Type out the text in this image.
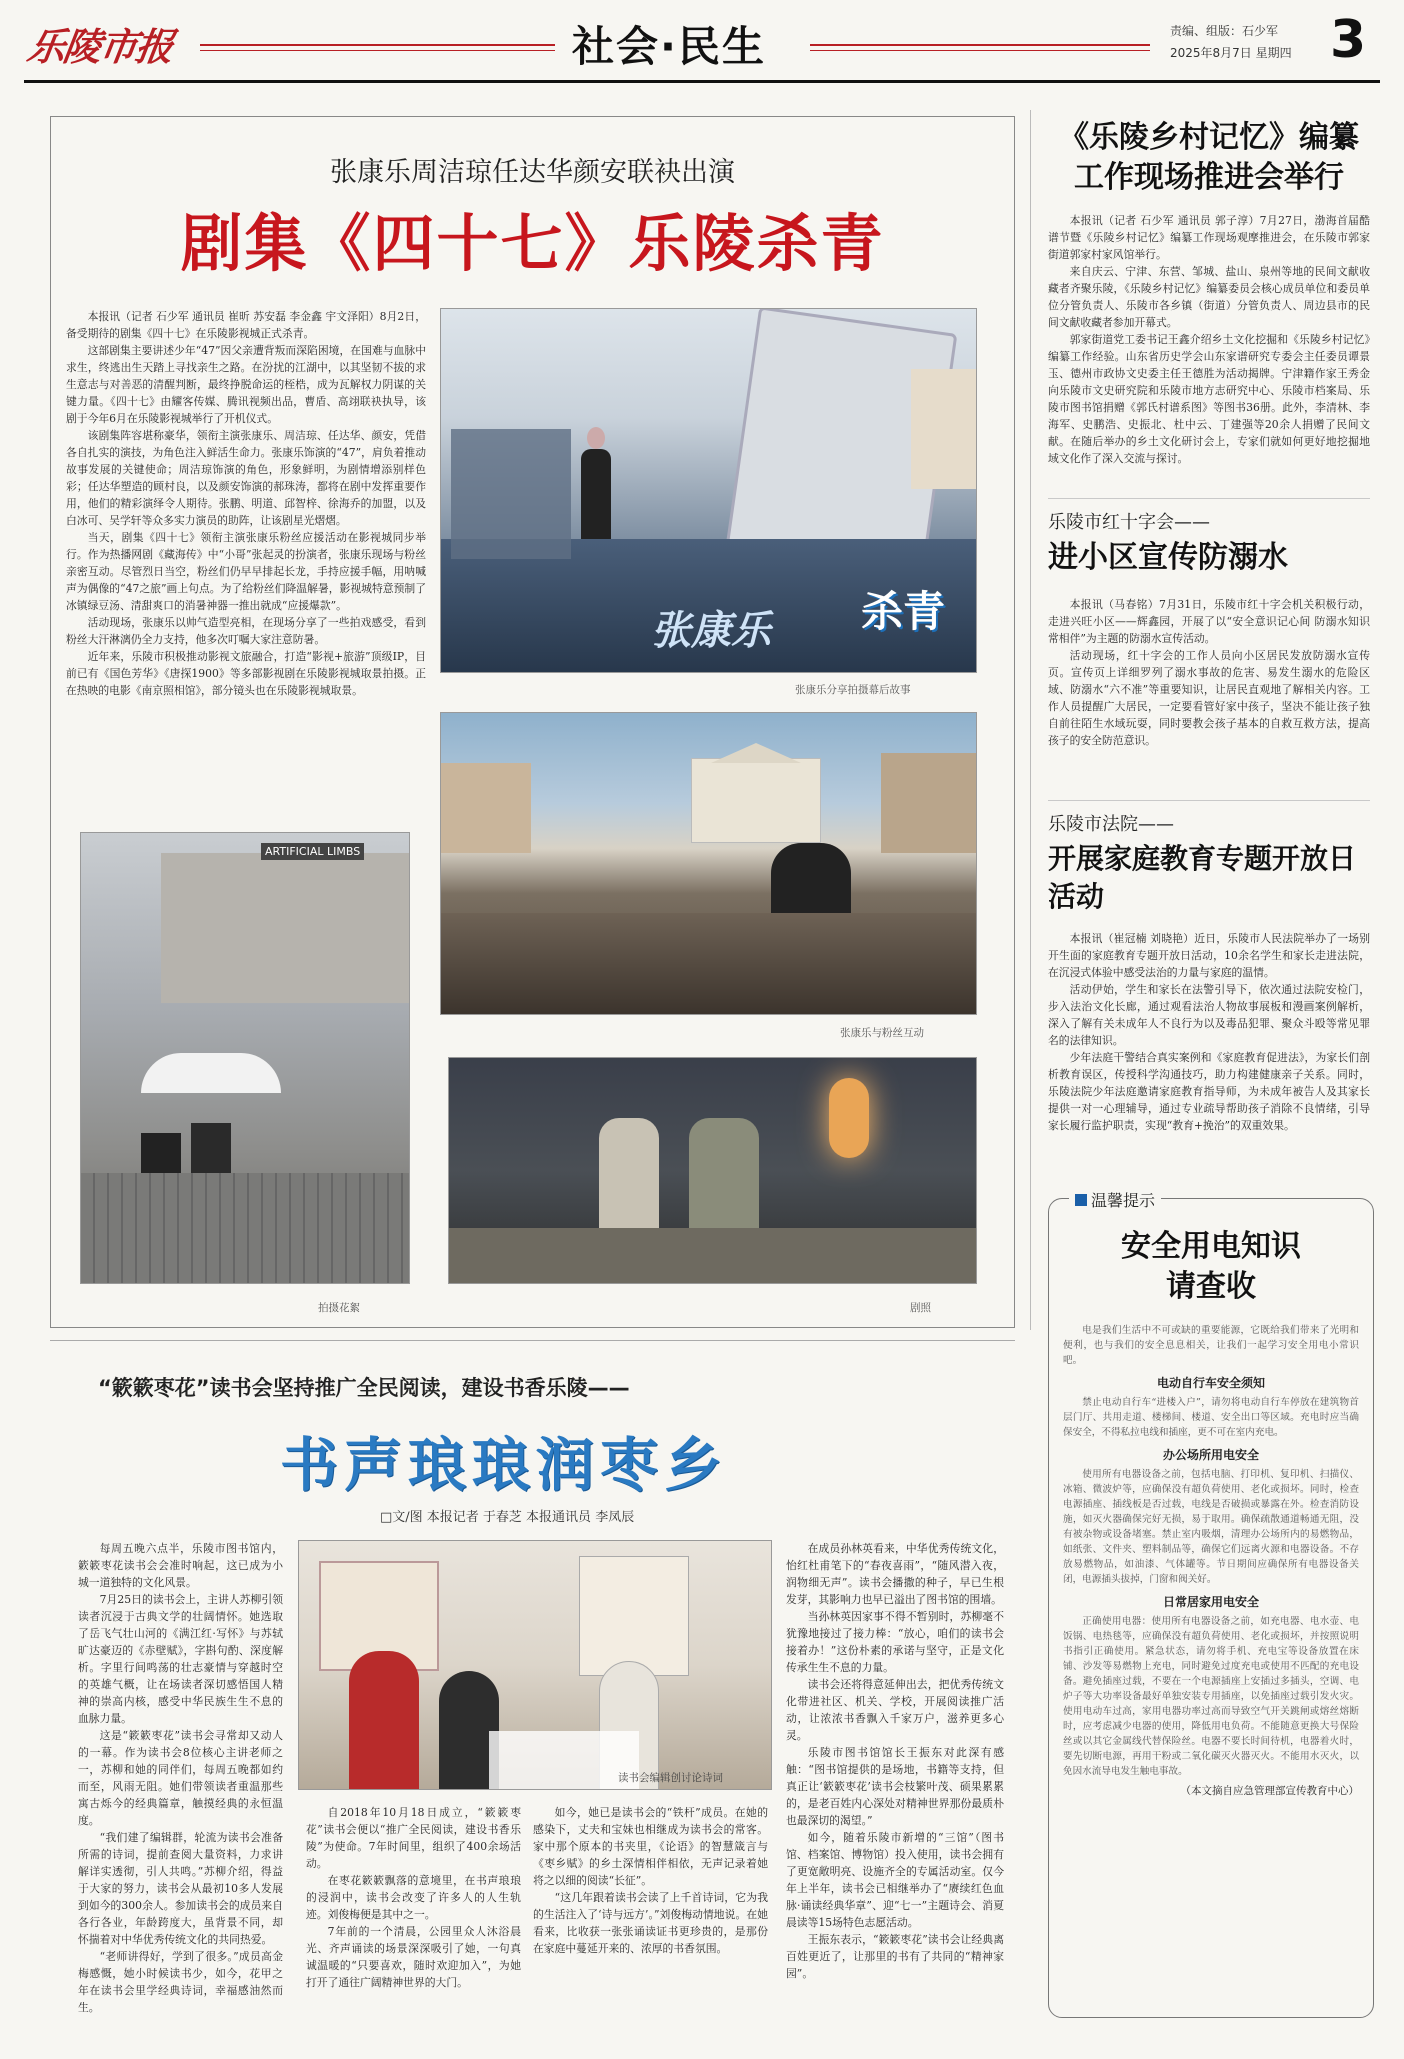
乐陵市报	社会·民生	责编、组版：石少军
2025年8月7日 星期四 3
张康乐周洁琼任达华颜安联袂出演
剧集《四十七》乐陵杀青

本报讯（记者 石少军 通讯员 崔昕 苏安磊 李金鑫 宇文泽阳）8月2日，备受期待的剧集《四十七》在乐陵影视城正式杀青。

这部剧集主要讲述少年“47”因父亲遭背叛而深陷困境，在国难与血脉中求生，终逃出生天踏上寻找亲生之路。在汾扰的江湖中，以其坚韧不拔的求生意志与对善恶的清醒判断，最终挣脱命运的桎梏，成为瓦解权力阴谋的关键力量。《四十七》由耀客传媒、腾讯视频出品，曹盾、高翊联袂执导，该剧于今年6月在乐陵影视城举行了开机仪式。

该剧集阵容堪称豪华，领衔主演张康乐、周洁琼、任达华、颜安，凭借各自扎实的演技，为角色注入鲜活生命力。张康乐饰演的“47”，肩负着推动故事发展的关键使命；周洁琼饰演的角色，形象鲜明，为剧情增添别样色彩；任达华塑造的顾村良，以及颜安饰演的郝珠涛，都将在剧中发挥重要作用，他们的精彩演绎令人期待。张鹏、明道、邱智梓、徐海乔的加盟，以及白冰可、吴学轩等众多实力演员的助阵，让该剧星光熠熠。

当天，剧集《四十七》领衔主演张康乐粉丝应援活动在影视城同步举行。作为热播网剧《藏海传》中“小哥”张起灵的扮演者，张康乐现场与粉丝亲密互动。尽管烈日当空，粉丝们仍早早排起长龙，手持应援手幅，用呐喊声为偶像的“47之旅”画上句点。为了给粉丝们降温解暑，影视城特意预制了冰镇绿豆汤、清甜爽口的消暑神器一推出就成“应援爆款”。

活动现场，张康乐以帅气造型亮相，在现场分享了一些拍戏感受，看到粉丝大汗淋漓仍全力支持，他多次叮嘱大家注意防暑。

近年来，乐陵市积极推动影视文旅融合，打造“影视+旅游”顶级IP，目前已有《国色芳华》《唐探1900》等多部影视剧在乐陵影视城取景拍摄。正在热映的电影《南京照相馆》，部分镜头也在乐陵影视城取景。

张康乐 杀青
张康乐分享拍摄幕后故事
张康乐与粉丝互动
ARTIFICIAL LIMBS
拍摄花絮	剧照
《乐陵乡村记忆》编纂工作现场推进会举行

本报讯（记者 石少军 通讯员 郭子淳）7月27日，渤海首届酷谱节暨《乐陵乡村记忆》编纂工作现场观摩推进会，在乐陵市郭家街道郭家村家风馆举行。

来自庆云、宁津、东营、邹城、盐山、泉州等地的民间文献收藏者齐聚乐陵，《乐陵乡村记忆》编纂委员会核心成员单位和委员单位分管负责人、乐陵市各乡镇（街道）分管负责人、周边县市的民间文献收藏者参加开幕式。

郭家街道党工委书记王鑫介绍乡土文化挖掘和《乐陵乡村记忆》编纂工作经验。山东省历史学会山东家谱研究专委会主任委员谭景玉、德州市政协文史委主任王德胜为活动揭牌。宁津籍作家王秀金向乐陵市文史研究院和乐陵市地方志研究中心、乐陵市档案局、乐陵市图书馆捐赠《郭氏村谱系图》等图书36册。此外，李清林、李海军、史鹏浩、史振北、杜中云、丁建强等20余人捐赠了民间文献。在随后举办的乡土文化研讨会上，专家们就如何更好地挖掘地域文化作了深入交流与探讨。

乐陵市红十字会——
进小区宣传防溺水

本报讯（马春铭）7月31日，乐陵市红十字会机关积极行动，走进兴旺小区——辉鑫园，开展了以“安全意识记心间 防溺水知识常相伴”为主题的防溺水宣传活动。

活动现场，红十字会的工作人员向小区居民发放防溺水宣传页。宣传页上详细罗列了溺水事故的危害、易发生溺水的危险区域、防溺水“六不准”等重要知识，让居民直观地了解相关内容。工作人员提醒广大居民，一定要看管好家中孩子，坚决不能让孩子独自前往陌生水域玩耍，同时要教会孩子基本的自救互救方法，提高孩子的安全防范意识。

乐陵市法院——
开展家庭教育专题开放日活动

本报讯（崔冠楠 刘晓艳）近日，乐陵市人民法院举办了一场别开生面的家庭教育专题开放日活动，10余名学生和家长走进法院，在沉浸式体验中感受法治的力量与家庭的温情。

活动伊始，学生和家长在法警引导下，依次通过法院安检门，步入法治文化长廊，通过观看法治人物故事展板和漫画案例解析，深入了解有关未成年人不良行为以及毒品犯罪、聚众斗殴等常见罪名的法律知识。

少年法庭干警结合真实案例和《家庭教育促进法》，为家长们剖析教育误区，传授科学沟通技巧，助力构建健康亲子关系。同时，乐陵法院少年法庭邀请家庭教育指导师，为未成年被告人及其家长提供一对一心理辅导，通过专业疏导帮助孩子消除不良情绪，引导家长履行监护职责，实现“教育+挽治”的双重效果。

温馨提示
安全用电知识请查收

电是我们生活中不可或缺的重要能源，它既给我们带来了光明和便利，也与我们的安全息息相关，让我们一起学习安全用电小常识吧。

电动自行车安全须知

禁止电动自行车“进楼入户”，请勿将电动自行车停放在建筑物首层门厅、共用走道、楼梯间、楼道、安全出口等区域。充电时应当确保安全，不得私拉电线和插座，更不可在室内充电。

办公场所用电安全

使用所有电器设备之前，包括电脑、打印机、复印机、扫描仪、冰箱、微波炉等，应确保没有超负荷使用、老化或损坏。同时，检查电源插座、插线板是否过载，电线是否破损或暴露在外。检查消防设施，如灭火器确保完好无损，易于取用。确保疏散通道畅通无阻，没有被杂物或设备堵塞。禁止室内吸烟，清理办公场所内的易燃物品，如纸张、文件夹、塑料制品等，确保它们远离火源和电器设备。不存放易燃物品，如油漆、气体罐等。节日期间应确保所有电器设备关闭，电源插头拔掉，门窗和阀关好。

日常居家用电安全

正确使用电器：使用所有电器设备之前，如充电器、电水壶、电饭锅、电热毯等，应确保没有超负荷使用、老化或损坏，并按照说明书指引正确使用。紧急状态，请勿将手机、充电宝等设备放置在床铺、沙发等易燃物上充电，同时避免过度充电或使用不匹配的充电设备。避免插座过载，不要在一个电源插座上安插过多插头，空调、电炉子等大功率设备最好单独安装专用插座，以免插座过载引发火灾。使用电动车过高，家用电器功率过高而导致空气开关跳闸或熔丝熔断时，应考虑减少电器的使用，降低用电负荷。不能随意更换大号保险丝或以其它金属线代替保险丝。电器不要长时间待机，电器着火时，要先切断电源，再用干粉或二氧化碳灭火器灭火。不能用水灭火，以免因水流导电发生触电事故。

（本文摘自应急管理部宣传教育中心）
“簌簌枣花”读书会坚持推广全民阅读，建设书香乐陵——
书声琅琅润枣乡
□文/图 本报记者 于春芝 本报通讯员 李凤辰

每周五晚六点半，乐陵市图书馆内，簌簌枣花读书会会准时响起，这已成为小城一道独特的文化风景。

7月25日的读书会上，主讲人苏柳引领读者沉浸于古典文学的壮阔情怀。她选取了岳飞气壮山河的《满江红·写怀》与苏轼旷达豪迈的《赤壁赋》，字斟句酌、深度解析。字里行间鸣荡的壮志豪情与穿越时空的英雄气概，让在场读者深切感悟国人精神的崇高内核，感受中华民族生生不息的血脉力量。

这是“簌簌枣花”读书会寻常却又动人的一幕。作为读书会8位核心主讲老师之一，苏柳和她的同伴们，每周五晚都如约而至，风雨无阻。她们带领读者重温那些寓古烁今的经典篇章，触摸经典的永恒温度。

“我们建了编辑群，轮流为读书会准备所需的诗词，提前查阅大量资料，力求讲解详实透彻，引人共鸣。”苏柳介绍，得益于大家的努力，读书会从最初10多人发展到如今的300余人。参加读书会的成员来自各行各业，年龄跨度大，虽背景不同，却怀揣着对中华优秀传统文化的共同热爱。

“老师讲得好，学到了很多。”成员高金梅感慨，她小时候读书少，如今，花甲之年在读书会里学经典诗词，幸福感油然而生。

读书会编辑创讨论诗词

自2018年10月18日成立，“簌簌枣花”读书会便以“推广全民阅读，建设书香乐陵”为使命。7年时间里，组织了400余场活动。

在枣花簌簌飘落的意境里，在书声琅琅的浸润中，读书会改变了许多人的人生轨迹。刘俊梅便是其中之一。

7年前的一个清晨，公园里众人沐浴晨光、齐声诵读的场景深深吸引了她，一句真诚温暖的“只要喜欢，随时欢迎加入”，为她打开了通往广阔精神世界的大门。

如今，她已是读书会的“铁杆”成员。在她的感染下，丈夫和宝妹也相继成为读书会的常客。家中那个原本的书夹里，《论语》的智慧箴言与《枣乡赋》的乡土深情相伴相依，无声记录着她将之以细的阅读“长征”。

“这几年跟着读书会读了上千首诗词，它为我的生活注入了‘诗与远方’。”刘俊梅动情地说。在她看来，比收获一张张诵读证书更珍贵的，是那份在家庭中蔓延开来的、浓厚的书香氛围。

在成员孙林英看来，中华优秀传统文化，怡红杜甫笔下的“春夜喜雨”，“随风潜入夜，润物细无声”。读书会播撒的种子，早已生根发芽，其影响力也早已溢出了图书馆的围墙。

当孙林英因家事不得不暂别时，苏柳毫不犹豫地接过了接力棒：“放心，咱们的读书会接着办！”这份朴素的承诺与坚守，正是文化传承生生不息的力量。

读书会还将得意延伸出去，把优秀传统文化带进社区、机关、学校，开展阅读推广活动，让浓浓书香飘入千家万户，滋养更多心灵。

乐陵市图书馆馆长王振东对此深有感触：“图书馆提供的是场地，书籍等支持，但真正让‘簌簌枣花’读书会枝繁叶茂、硕果累累的，是老百姓内心深处对精神世界那份最质朴也最深切的渴望。”

如今，随着乐陵市新增的“三馆”（图书馆、档案馆、博物馆）投入使用，读书会拥有了更宽敞明亮、设施齐全的专属活动室。仅今年上半年，读书会已相继举办了“赓续红色血脉·诵读经典华章”、迎“七一”主题诗会、消夏晨读等15场特色志愿活动。

王振东表示，“簌簌枣花”读书会让经典离百姓更近了，让那里的书有了共同的“精神家园”。
